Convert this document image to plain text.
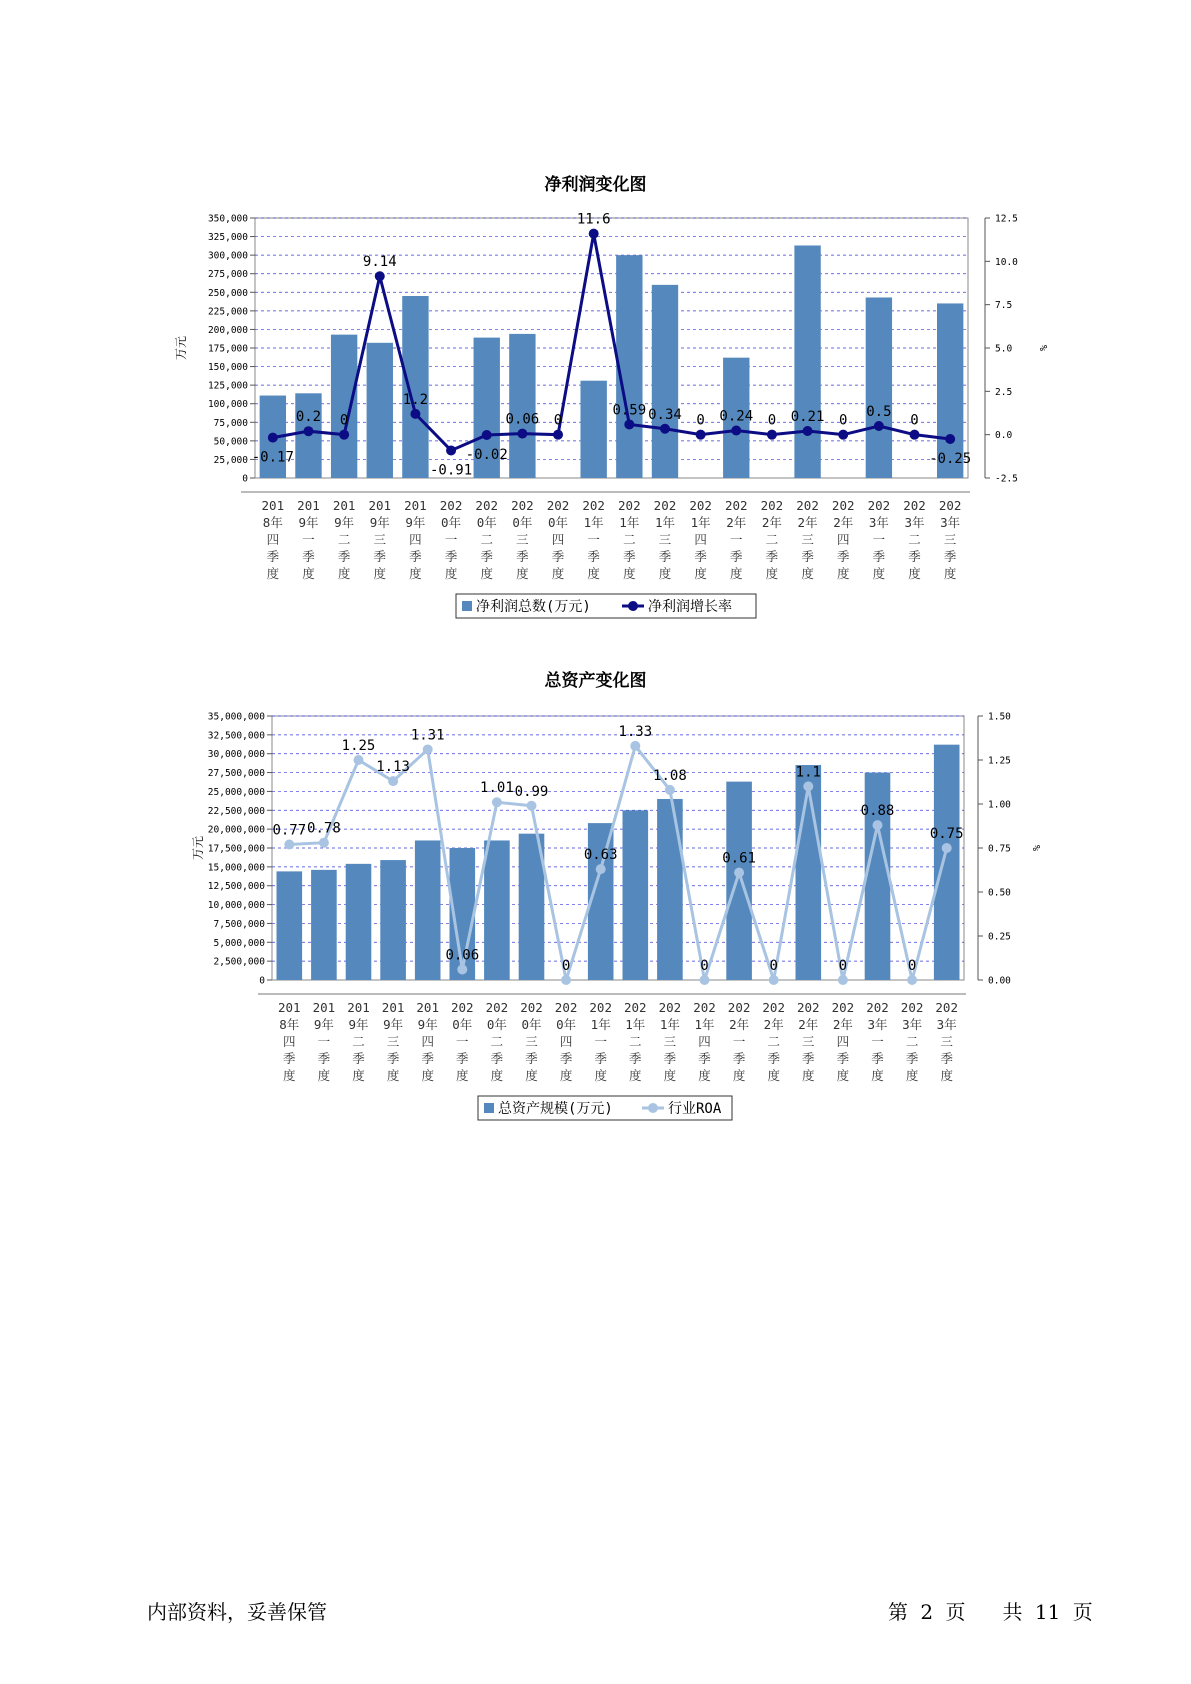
净利润变化图
0
25,000
50,000
75,000
100,000
125,000
150,000
175,000
200,000
225,000
250,000
275,000
300,000
325,000
350,000
-2.5
0.0
2.5
5.0
7.5
10.0
12.5
万元	%
-0.17
0.2 0
9.14
1.2
-0.91
-0.02
0.06 0
11.6
0.59 0.34 0 0.24 0 0.21 0
0.5
0
-0.25
201
8年
四
季
度
201
9年
一
季
度
201
9年
二
季
度
201
9年
三
季
度
201
9年
四
季
度
202
0年
一
季
度
202
0年
二
季
度
202
0年
三
季
度
202
0年
四
季
度
202
1年
一
季
度
202
1年
二
季
度
202
1年
三
季
度
202
1年
四
季
度
202
2年
一
季
度
202
2年
二
季
度
202
2年
三
季
度
202
2年
四
季
度
202
3年
一
季
度
202
3年
二
季
度
202
3年
三
季
度
净利润总数(万元)	净利润增长率
总资产变化图
0
2,500,000
5,000,000
7,500,000
10,000,000
12,500,000
15,000,000
17,500,000
20,000,000
22,500,000
25,000,000
27,500,000
30,000,000
32,500,000
35,000,000
0.00
0.25
0.50
0.75
1.00
1.25
1.50
万元	%
0.77 0.78
1.25
1.13
1.31
0.06
1.01 0.99
0
0.63
1.33
1.08
0
0.61
0
1.1
0
0.88
0
0.75
201
8年
四
季
度
201
9年
一
季
度
201
9年
二
季
度
201
9年
三
季
度
201
9年
四
季
度
202
0年
一
季
度
202
0年
二
季
度
202
0年
三
季
度
202
0年
四
季
度
202
1年
一
季
度
202
1年
二
季
度
202
1年
三
季
度
202
1年
四
季
度
202
2年
一
季
度
202
2年
二
季
度
202
2年
三
季
度
202
2年
四
季
度
202
3年
一
季
度
202
3年
二
季
度
202
3年
三
季
度
总资产规模(万元)	行业ROA
内部资料，妥善保管	第 2 页 共 11 页
